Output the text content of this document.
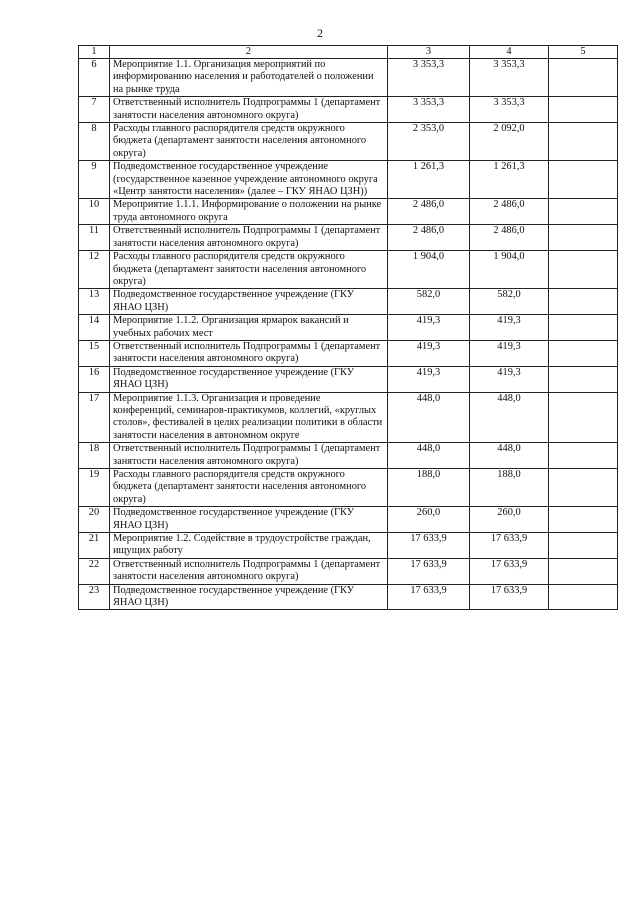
2
1	2	3	4	5
6	Мероприятие 1.1. Организация мероприятий по информированию населения и работодателей о положении на рынке труда	3 353,3	3 353,3	
7	Ответственный исполнитель Подпрограммы 1 (департамент занятости населения автономного округа)	3 353,3	3 353,3	
8	Расходы главного распорядителя средств окружного бюджета (департамент занятости населения автономного округа)	2 353,0	2 092,0	
9	Подведомственное государственное учреждение (государственное казенное учреждение автономного округа «Центр занятости населения» (далее – ГКУ ЯНАО ЦЗН))	1 261,3	1 261,3	
10	Мероприятие 1.1.1. Информирование о положении на рынке труда автономного округа	2 486,0	2 486,0	
11	Ответственный исполнитель Подпрограммы 1 (департамент занятости населения автономного округа)	2 486,0	2 486,0	
12	Расходы главного распорядителя средств окружного бюджета (департамент занятости населения автономного округа)	1 904,0	1 904,0	
13	Подведомственное государственное учреждение (ГКУ ЯНАО ЦЗН)	582,0	582,0	
14	Мероприятие 1.1.2. Организация ярмарок вакансий и учебных рабочих мест	419,3	419,3	
15	Ответственный исполнитель Подпрограммы 1 (департамент занятости населения автономного округа)	419,3	419,3	
16	Подведомственное государственное учреждение (ГКУ ЯНАО ЦЗН)	419,3	419,3	
17	Мероприятие 1.1.3. Организация и проведение конференций, семинаров-практикумов, коллегий, «круглых столов», фестивалей в целях реализации политики в области занятости населения в автономном округе	448,0	448,0	
18	Ответственный исполнитель Подпрограммы 1 (департамент занятости населения автономного округа)	448,0	448,0	
19	Расходы главного распорядителя средств окружного бюджета (департамент занятости населения автономного округа)	188,0	188,0	
20	Подведомственное государственное учреждение (ГКУ ЯНАО ЦЗН)	260,0	260,0	
21	Мероприятие 1.2. Содействие в трудоустройстве граждан, ищущих работу	17 633,9	17 633,9	
22	Ответственный исполнитель Подпрограммы 1 (департамент занятости населения автономного округа)	17 633,9	17 633,9	
23	Подведомственное государственное учреждение (ГКУ ЯНАО ЦЗН)	17 633,9	17 633,9	
